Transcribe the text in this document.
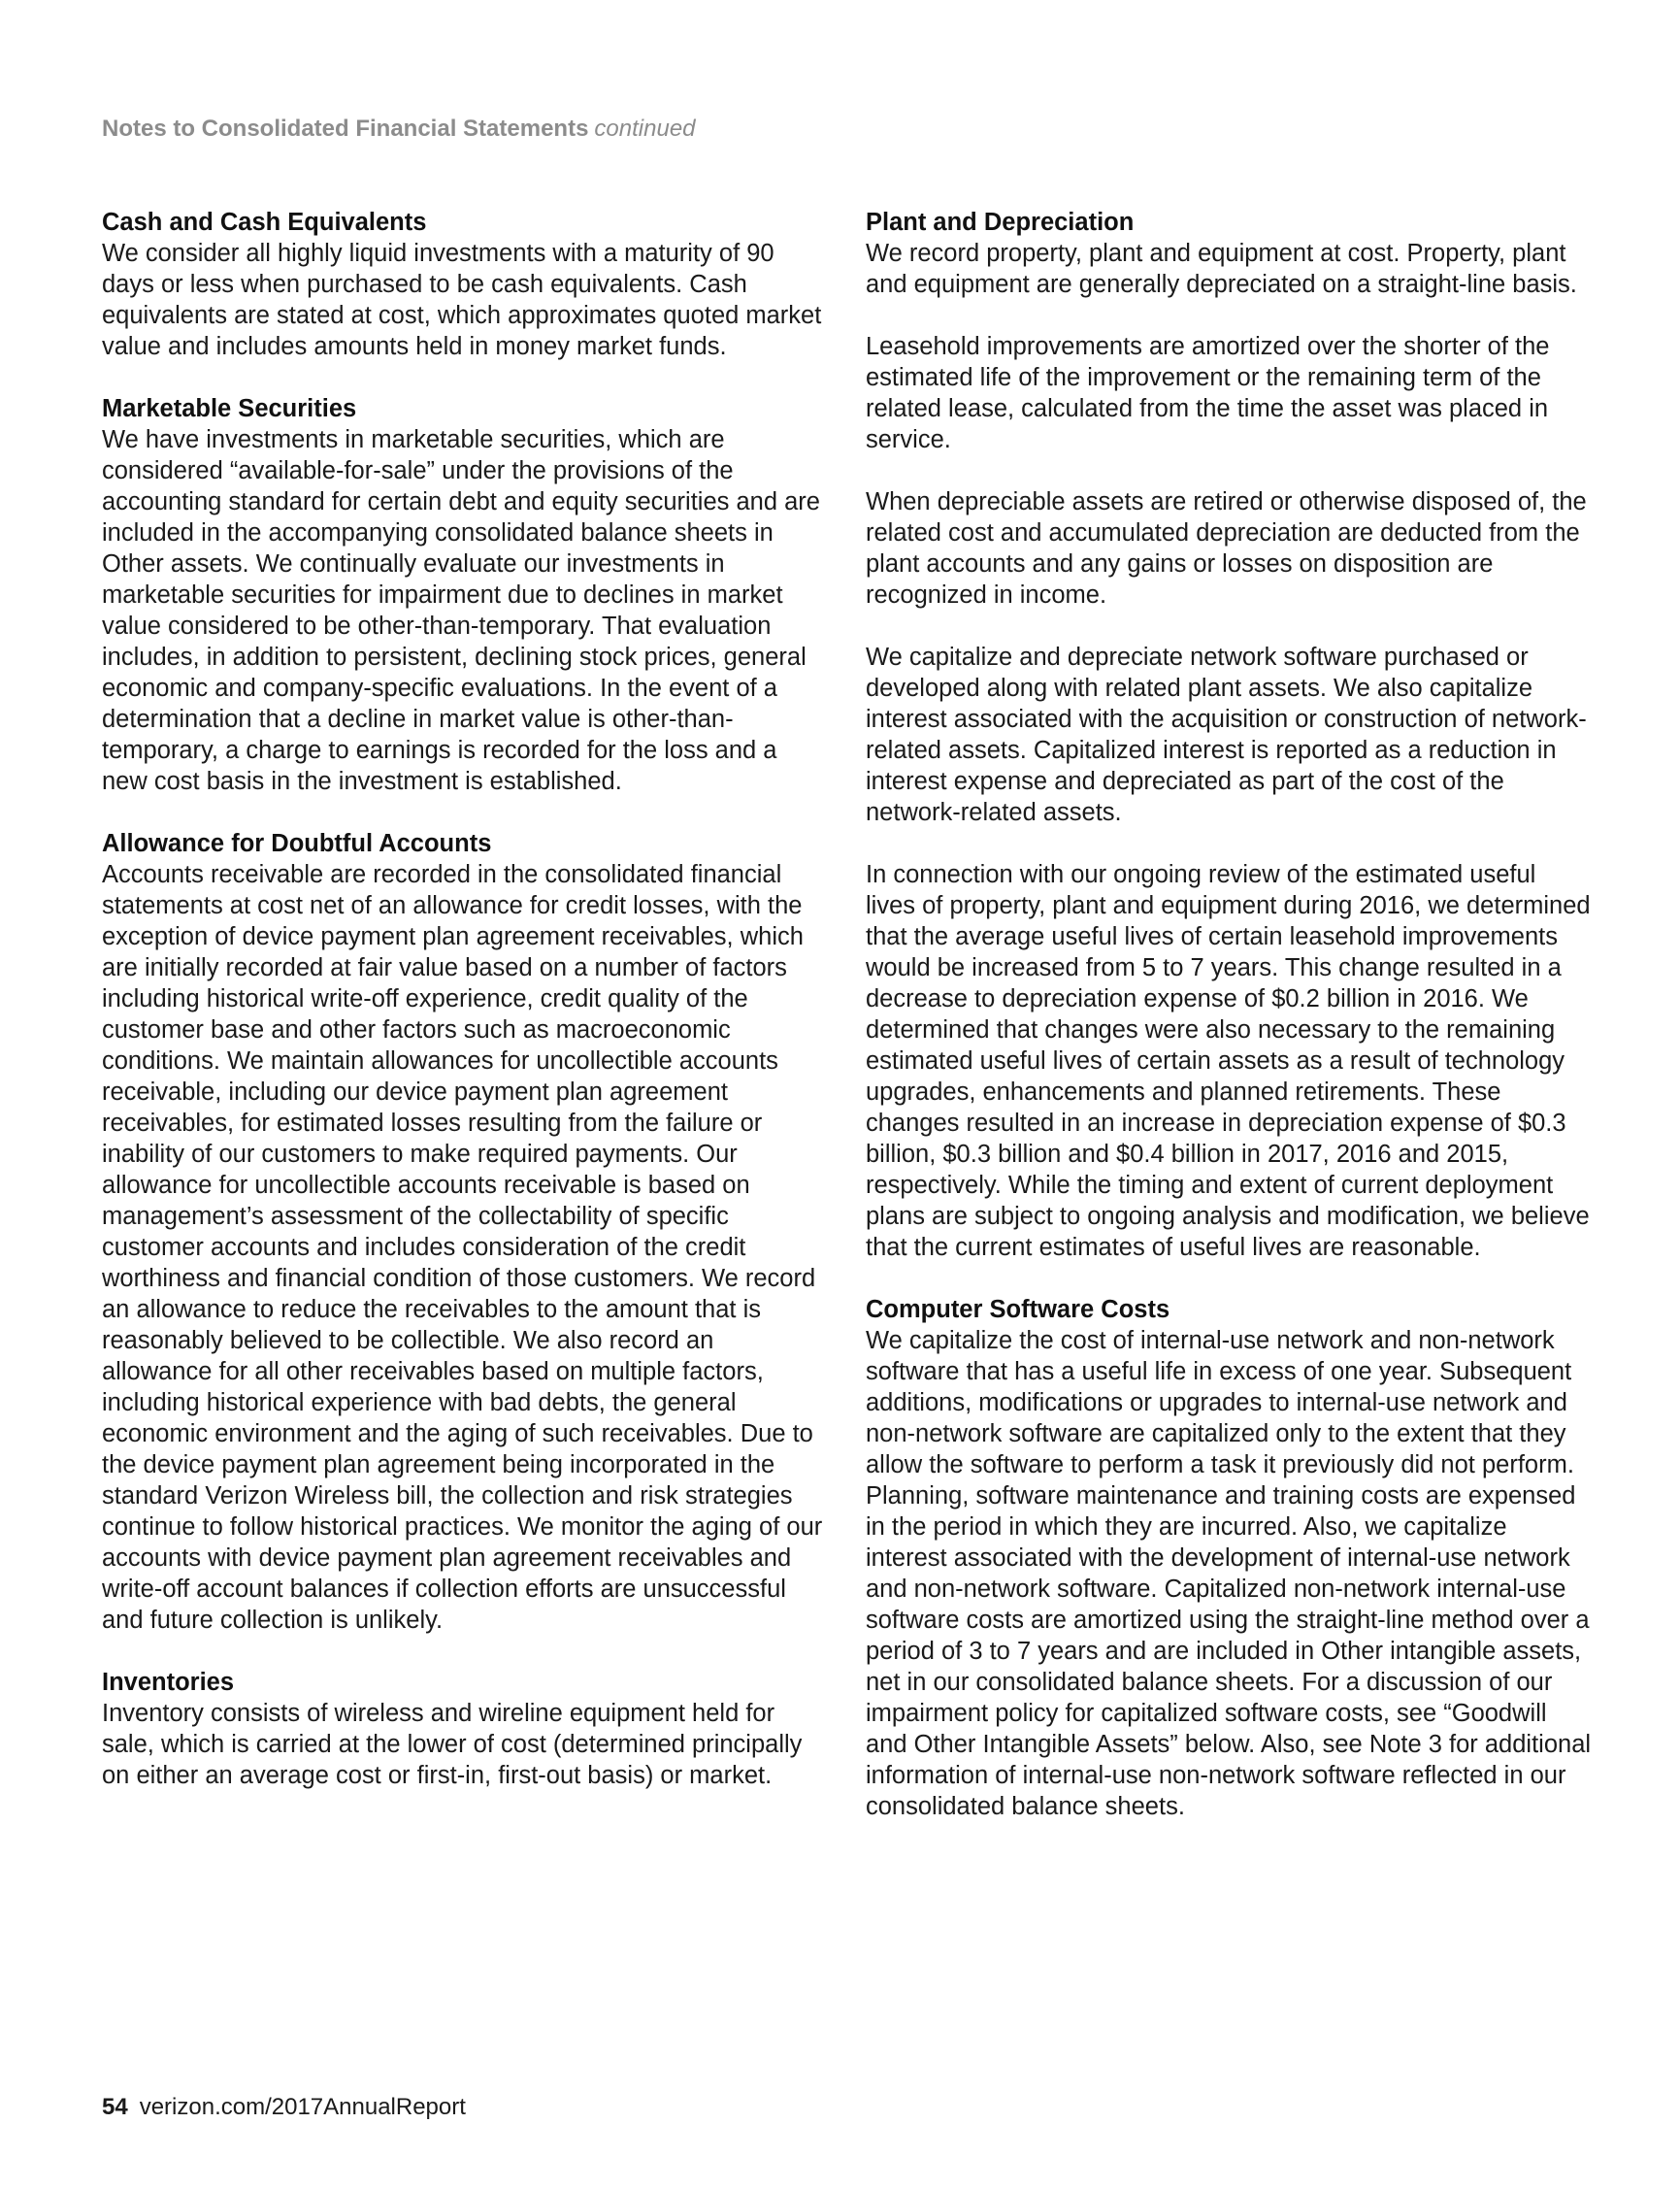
Notes to Consolidated Financial Statements continued
Cash and Cash Equivalents

We consider all highly liquid investments with a maturity of 90 days or less when purchased to be cash equivalents. Cash equivalents are stated at cost, which approximates quoted market value and includes amounts held in money market funds.

Marketable Securities

We have investments in marketable securities, which are considered “available-for-sale” under the provisions of the accounting standard for certain debt and equity securities and are included in the accompanying consolidated balance sheets in Other assets. We continually evaluate our investments in marketable securities for impairment due to declines in market value considered to be other-than-temporary. That evaluation includes, in addition to persistent, declining stock prices, general economic and company-specific evaluations. In the event of a determination that a decline in market value is other-than-temporary, a charge to earnings is recorded for the loss and a new cost basis in the investment is established.

Allowance for Doubtful Accounts

Accounts receivable are recorded in the consolidated financial statements at cost net of an allowance for credit losses, with the exception of device payment plan agreement receivables, which are initially recorded at fair value based on a number of factors including historical write-off experience, credit quality of the customer base and other factors such as macroeconomic conditions. We maintain allowances for uncollectible accounts receivable, including our device payment plan agreement receivables, for estimated losses resulting from the failure or inability of our customers to make required payments. Our allowance for uncollectible accounts receivable is based on management’s assessment of the collectability of specific customer accounts and includes consideration of the credit worthiness and financial condition of those customers. We record an allowance to reduce the receivables to the amount that is reasonably believed to be collectible. We also record an allowance for all other receivables based on multiple factors, including historical experience with bad debts, the general economic environment and the aging of such receivables. Due to the device payment plan agreement being incorporated in the standard Verizon Wireless bill, the collection and risk strategies continue to follow historical practices. We monitor the aging of our accounts with device payment plan agreement receivables and write-off account balances if collection efforts are unsuccessful and future collection is unlikely.

Inventories

Inventory consists of wireless and wireline equipment held for sale, which is carried at the lower of cost (determined principally on either an average cost or first-in, first-out basis) or market.

Plant and Depreciation

We record property, plant and equipment at cost. Property, plant and equipment are generally depreciated on a straight-line basis.

Leasehold improvements are amortized over the shorter of the estimated life of the improvement or the remaining term of the related lease, calculated from the time the asset was placed in service.

When depreciable assets are retired or otherwise disposed of, the related cost and accumulated depreciation are deducted from the plant accounts and any gains or losses on disposition are recognized in income.

We capitalize and depreciate network software purchased or developed along with related plant assets. We also capitalize interest associated with the acquisition or construction of network-related assets. Capitalized interest is reported as a reduction in interest expense and depreciated as part of the cost of the network-related assets.

In connection with our ongoing review of the estimated useful lives of property, plant and equipment during 2016, we determined that the average useful lives of certain leasehold improvements would be increased from 5 to 7 years. This change resulted in a decrease to depreciation expense of $0.2 billion in 2016. We determined that changes were also necessary to the remaining estimated useful lives of certain assets as a result of technology upgrades, enhancements and planned retirements. These changes resulted in an increase in depreciation expense of $0.3 billion, $0.3 billion and $0.4 billion in 2017, 2016 and 2015, respectively. While the timing and extent of current deployment plans are subject to ongoing analysis and modification, we believe that the current estimates of useful lives are reasonable.

Computer Software Costs

We capitalize the cost of internal-use network and non-network software that has a useful life in excess of one year. Subsequent additions, modifications or upgrades to internal-use network and non-network software are capitalized only to the extent that they allow the software to perform a task it previously did not perform. Planning, software maintenance and training costs are expensed in the period in which they are incurred. Also, we capitalize interest associated with the development of internal-use network and non-network software. Capitalized non-network internal-use software costs are amortized using the straight-line method over a period of 3 to 7 years and are included in Other intangible assets, net in our consolidated balance sheets. For a discussion of our impairment policy for capitalized software costs, see “Goodwill and Other Intangible Assets” below. Also, see Note 3 for additional information of internal-use non-network software reflected in our consolidated balance sheets.

54 verizon.com/2017AnnualReport
